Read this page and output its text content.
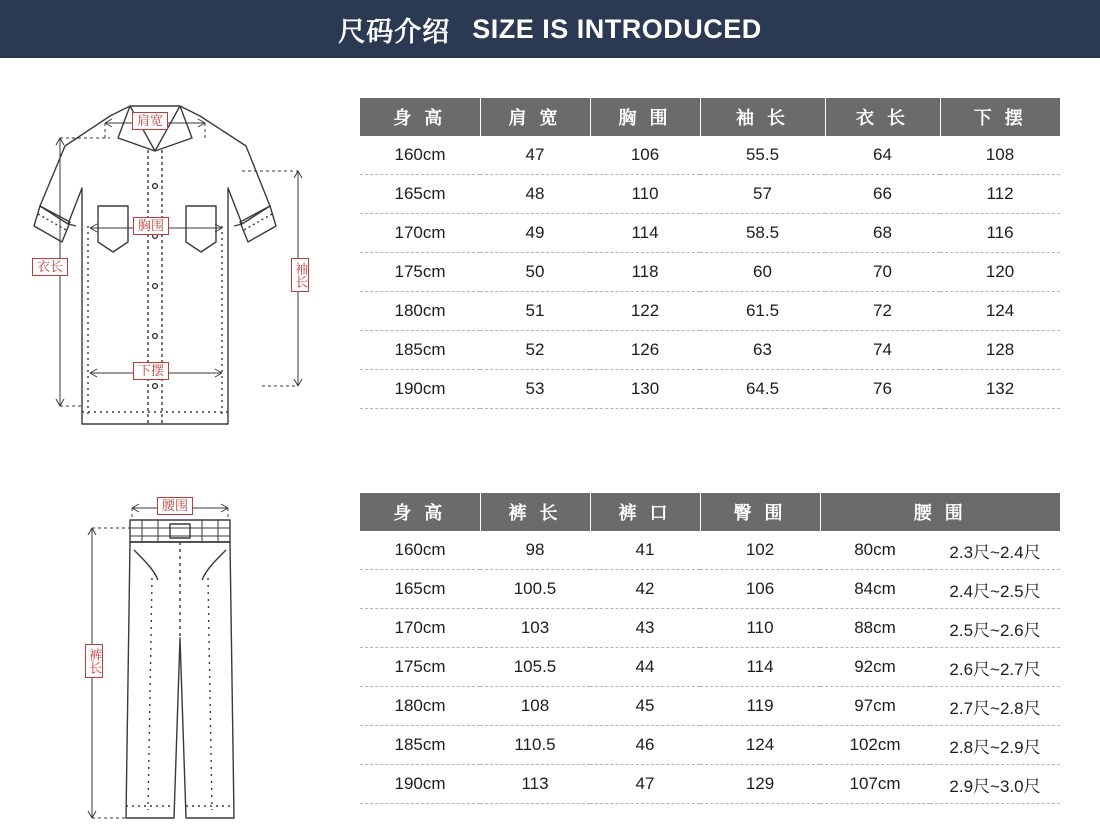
尺码介绍 SIZE IS INTRODUCED
肩宽
胸围
下摆
衣长	袖长
身 高	肩 宽	胸 围	袖 长	衣 长	下 摆
160cm	47	106	55.5	64	108
165cm	48	110	57	66	112
170cm	49	114	58.5	68	116
175cm	50	118	60	70	120
180cm	51	122	61.5	72	124
185cm	52	126	63	74	128
190cm	53	130	64.5	76	132
腰围
裤长
身 高	裤 长	裤 口	臀 围	腰 围	
160cm	98	41	102	80cm	2.3尺~2.4尺
165cm	100.5	42	106	84cm	2.4尺~2.5尺
170cm	103	43	110	88cm	2.5尺~2.6尺
175cm	105.5	44	114	92cm	2.6尺~2.7尺
180cm	108	45	119	97cm	2.7尺~2.8尺
185cm	110.5	46	124	102cm	2.8尺~2.9尺
190cm	113	47	129	107cm	2.9尺~3.0尺
